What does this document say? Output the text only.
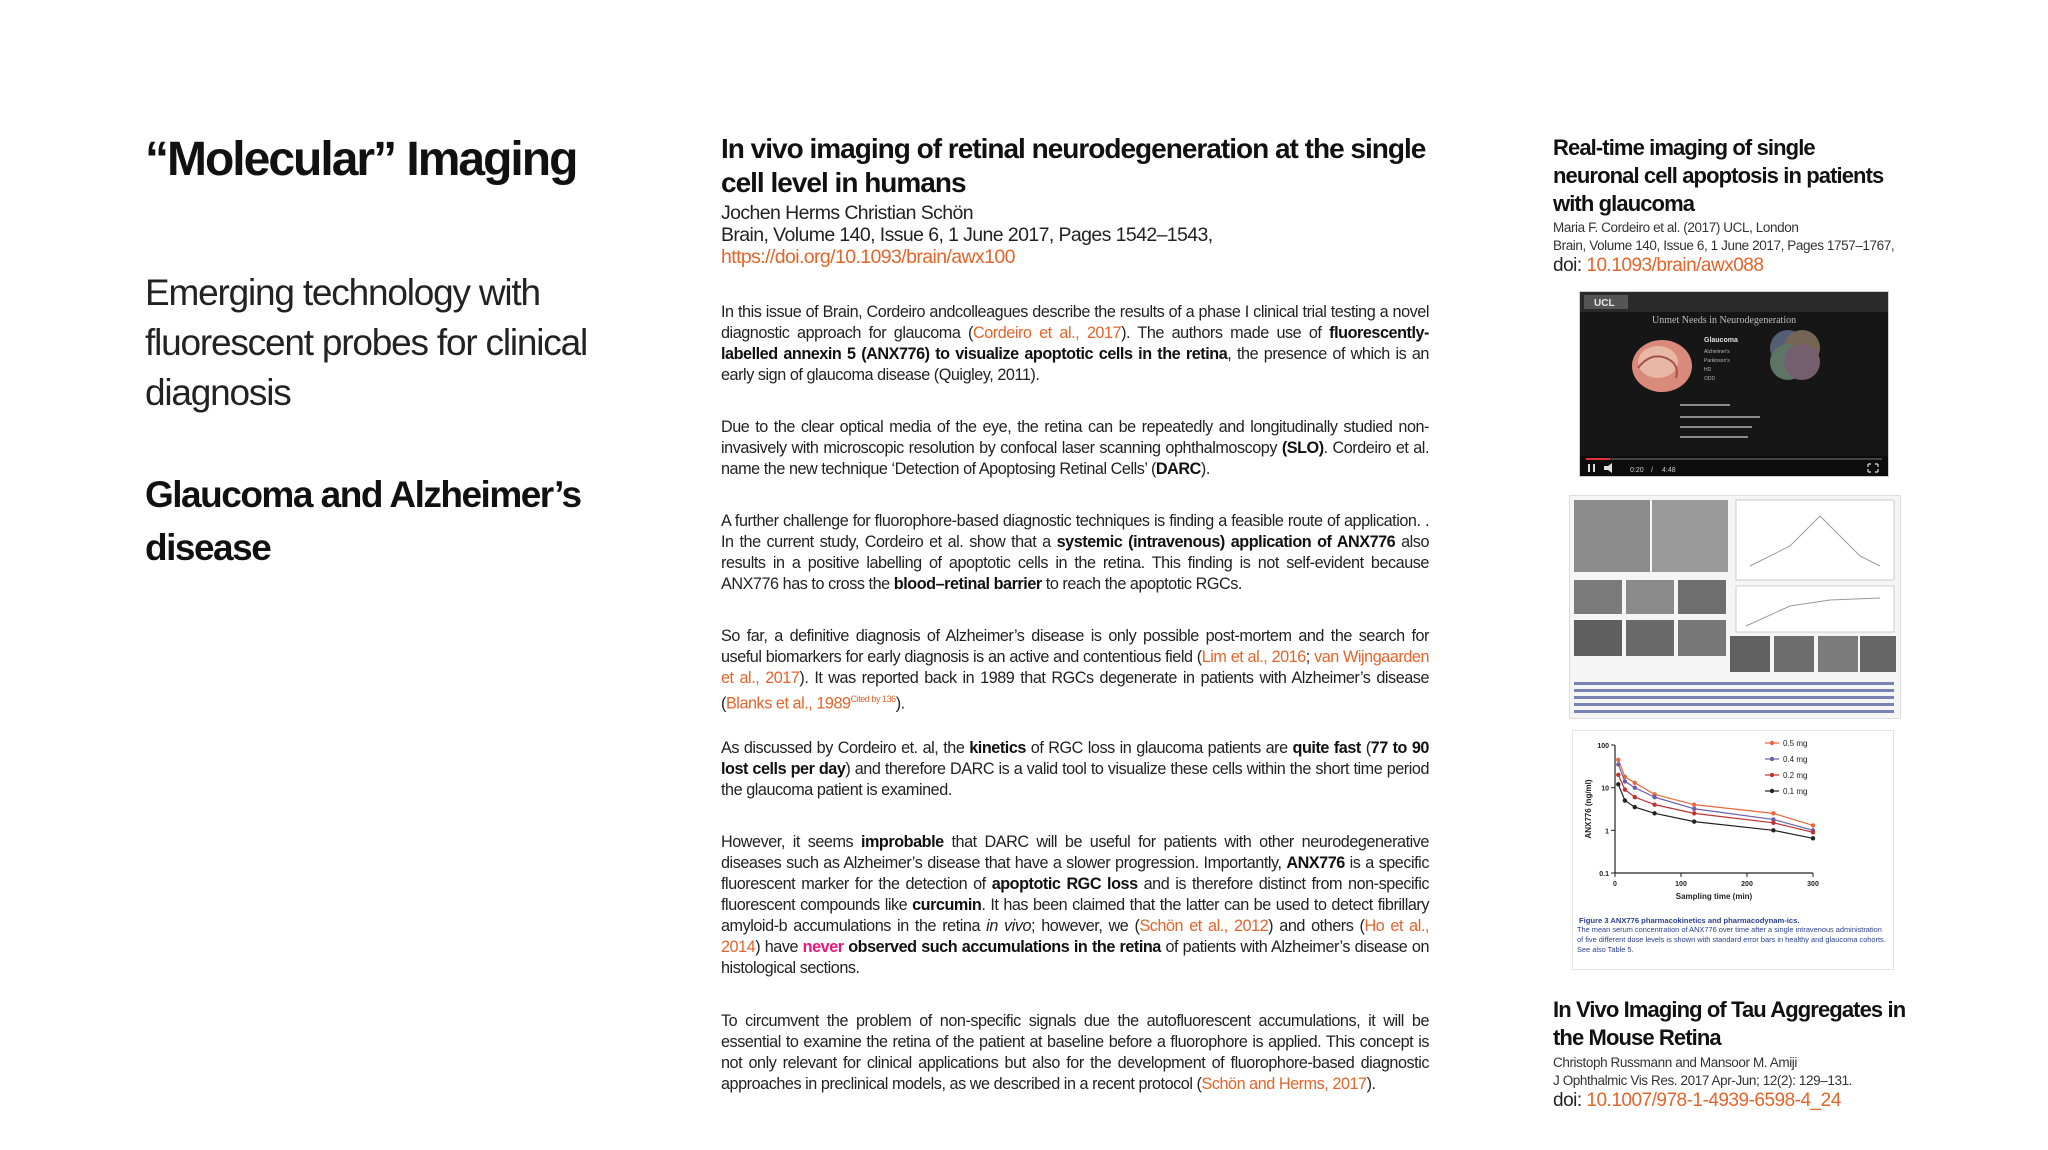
“Molecular” Imaging

Emerging technology with fluorescent probes for clinical diagnosis

Glaucoma and Alzheimer’s disease
In vivo imaging of retinal neurodegeneration at the single cell level in humans
Jochen Herms Christian Schön
Brain, Volume 140, Issue 6, 1 June 2017, Pages 1542–1543,
https://doi.org/10.1093/brain/awx100

In this issue of Brain, Cordeiro andcolleagues describe the results of a phase I clinical trial testing a novel diagnostic approach for glaucoma (Cordeiro et al., 2017). The authors made use of fluorescently-labelled annexin 5 (ANX776) to visualize apoptotic cells in the retina, the presence of which is an early sign of glaucoma disease (Quigley, 2011).

Due to the clear optical media of the eye, the retina can be repeatedly and longitudinally studied non-invasively with microscopic resolution by confocal laser scanning ophthalmoscopy (SLO). Cordeiro et al. name the new technique ‘Detection of Apoptosing Retinal Cells’ (DARC).

A further challenge for fluorophore-based diagnostic techniques is finding a feasible route of application. . In the current study, Cordeiro et al. show that a systemic (intravenous) application of ANX776 also results in a positive labelling of apoptotic cells in the retina. This finding is not self-evident because ANX776 has to cross the blood–retinal barrier to reach the apoptotic RGCs.

So far, a definitive diagnosis of Alzheimer’s disease is only possible post-mortem and the search for useful biomarkers for early diagnosis is an active and contentious field (Lim et al., 2016; van Wijngaarden et al., 2017). It was reported back in 1989 that RGCs degenerate in patients with Alzheimer’s disease (Blanks et al., $1989^{Cited by 136}$).

As discussed by Cordeiro et. al, the kinetics of RGC loss in glaucoma patients are quite fast (77 to 90 lost cells per day) and therefore DARC is a valid tool to visualize these cells within the short time period the glaucoma patient is examined.

However, it seems improbable that DARC will be useful for patients with other neurodegenerative diseases such as Alzheimer’s disease that have a slower progression. Importantly, ANX776 is a specific fluorescent marker for the detection of apoptotic RGC loss and is therefore distinct from non-specific fluorescent compounds like curcumin. It has been claimed that the latter can be used to detect fibrillary amyloid-b accumulations in the retina in vivo; however, we (Schön et al., 2012) and others (Ho et al., 2014) have never observed such accumulations in the retina of patients with Alzheimer’s disease on histological sections.

To circumvent the problem of non-specific signals due the autofluorescent accumulations, it will be essential to examine the retina of the patient at baseline before a fluorophore is applied. This concept is not only relevant for clinical applications but also for the development of fluorophore-based diagnostic approaches in preclinical models, as we described in a recent protocol (Schön and Herms, 2017).

Real-time imaging of single neuronal cell apoptosis in patients with glaucoma
Maria F. Cordeiro et al. (2017) UCL, London
Brain, Volume 140, Issue 6, 1 June 2017, Pages 1757–1767,
doi: 10.1093/brain/awx088
UCL
Unmet Needs in Neurodegeneration
Glaucoma
Alzheimer's
Parkinson's
HD
ODD
0:20 / 4:48
100
10
1
0.1
0	100	200	300
Sampling time (min)
ANX776 (ng/ml)
0.5 mg
0.4 mg
0.2 mg
0.1 mg
Figure 3 ANX776 pharmacokinetics and pharmacodynam-ics.
The mean serum concentration of ANX776 over time after a single intravenous administration of five different dose levels is shown with standard error bars in healthy and glaucoma cohorts. See also Table 5.
In Vivo Imaging of Tau Aggregates in the Mouse Retina
Christoph Russmann and Mansoor M. Amiji
J Ophthalmic Vis Res. 2017 Apr-Jun; 12(2): 129–131.
doi: 10.1007/978-1-4939-6598-4_24
